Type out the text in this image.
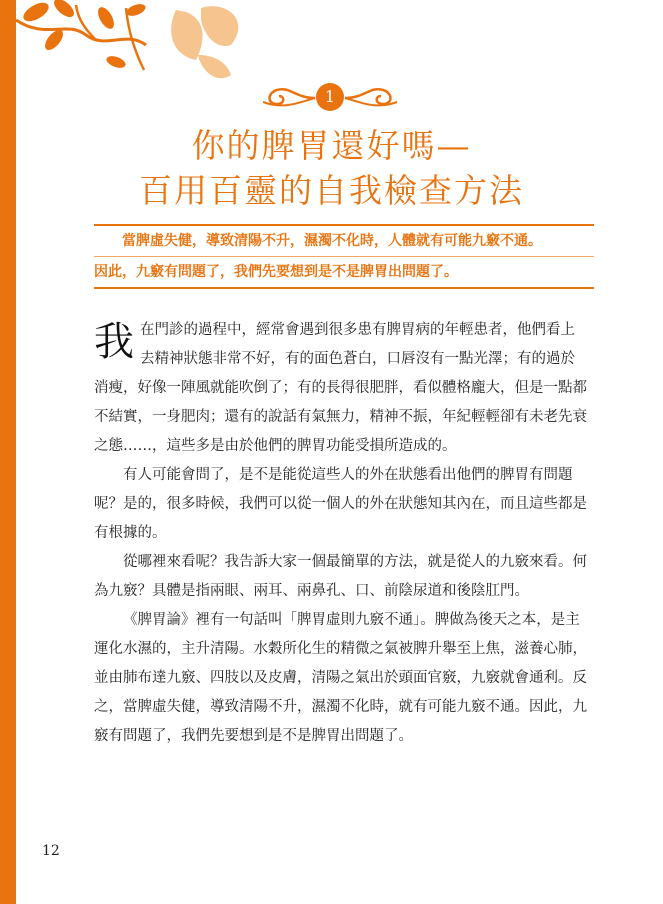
1
你的脾胃還好嗎—
百用百靈的自我檢查方法
當脾虛失健，導致清陽不升，濕濁不化時，人體就有可能九竅不通。
因此，九竅有問題了，我們先要想到是不是脾胃出問題了。

我 在門診的過程中，經常會遇到很多患有脾胃病的年輕患者，他們看上去精神狀態非常不好，有的面色蒼白，口唇沒有一點光澤；有的過於消瘦，好像一陣風就能吹倒了；有的長得很肥胖，看似體格龐大，但是一點都不結實，一身肥肉；還有的說話有氣無力，精神不振，年紀輕輕卻有未老先衰之態……，這些多是由於他們的脾胃功能受損所造成的。

有人可能會問了，是不是能從這些人的外在狀態看出他們的脾胃有問題呢？是的，很多時候，我們可以從一個人的外在狀態知其內在，而且這些都是有根據的。

從哪裡來看呢？我告訴大家一個最簡單的方法，就是從人的九竅來看。何為九竅？具體是指兩眼、兩耳、兩鼻孔、口、前陰尿道和後陰肛門。

《脾胃論》裡有一句話叫「脾胃虛則九竅不通」。脾做為後天之本，是主運化水濕的，主升清陽。水穀所化生的精微之氣被脾升舉至上焦，滋養心肺，並由肺布達九竅、四肢以及皮膚，清陽之氣出於頭面官竅，九竅就會通利。反之，當脾虛失健，導致清陽不升，濕濁不化時，就有可能九竅不通。因此，九竅有問題了，我們先要想到是不是脾胃出問題了。

12
